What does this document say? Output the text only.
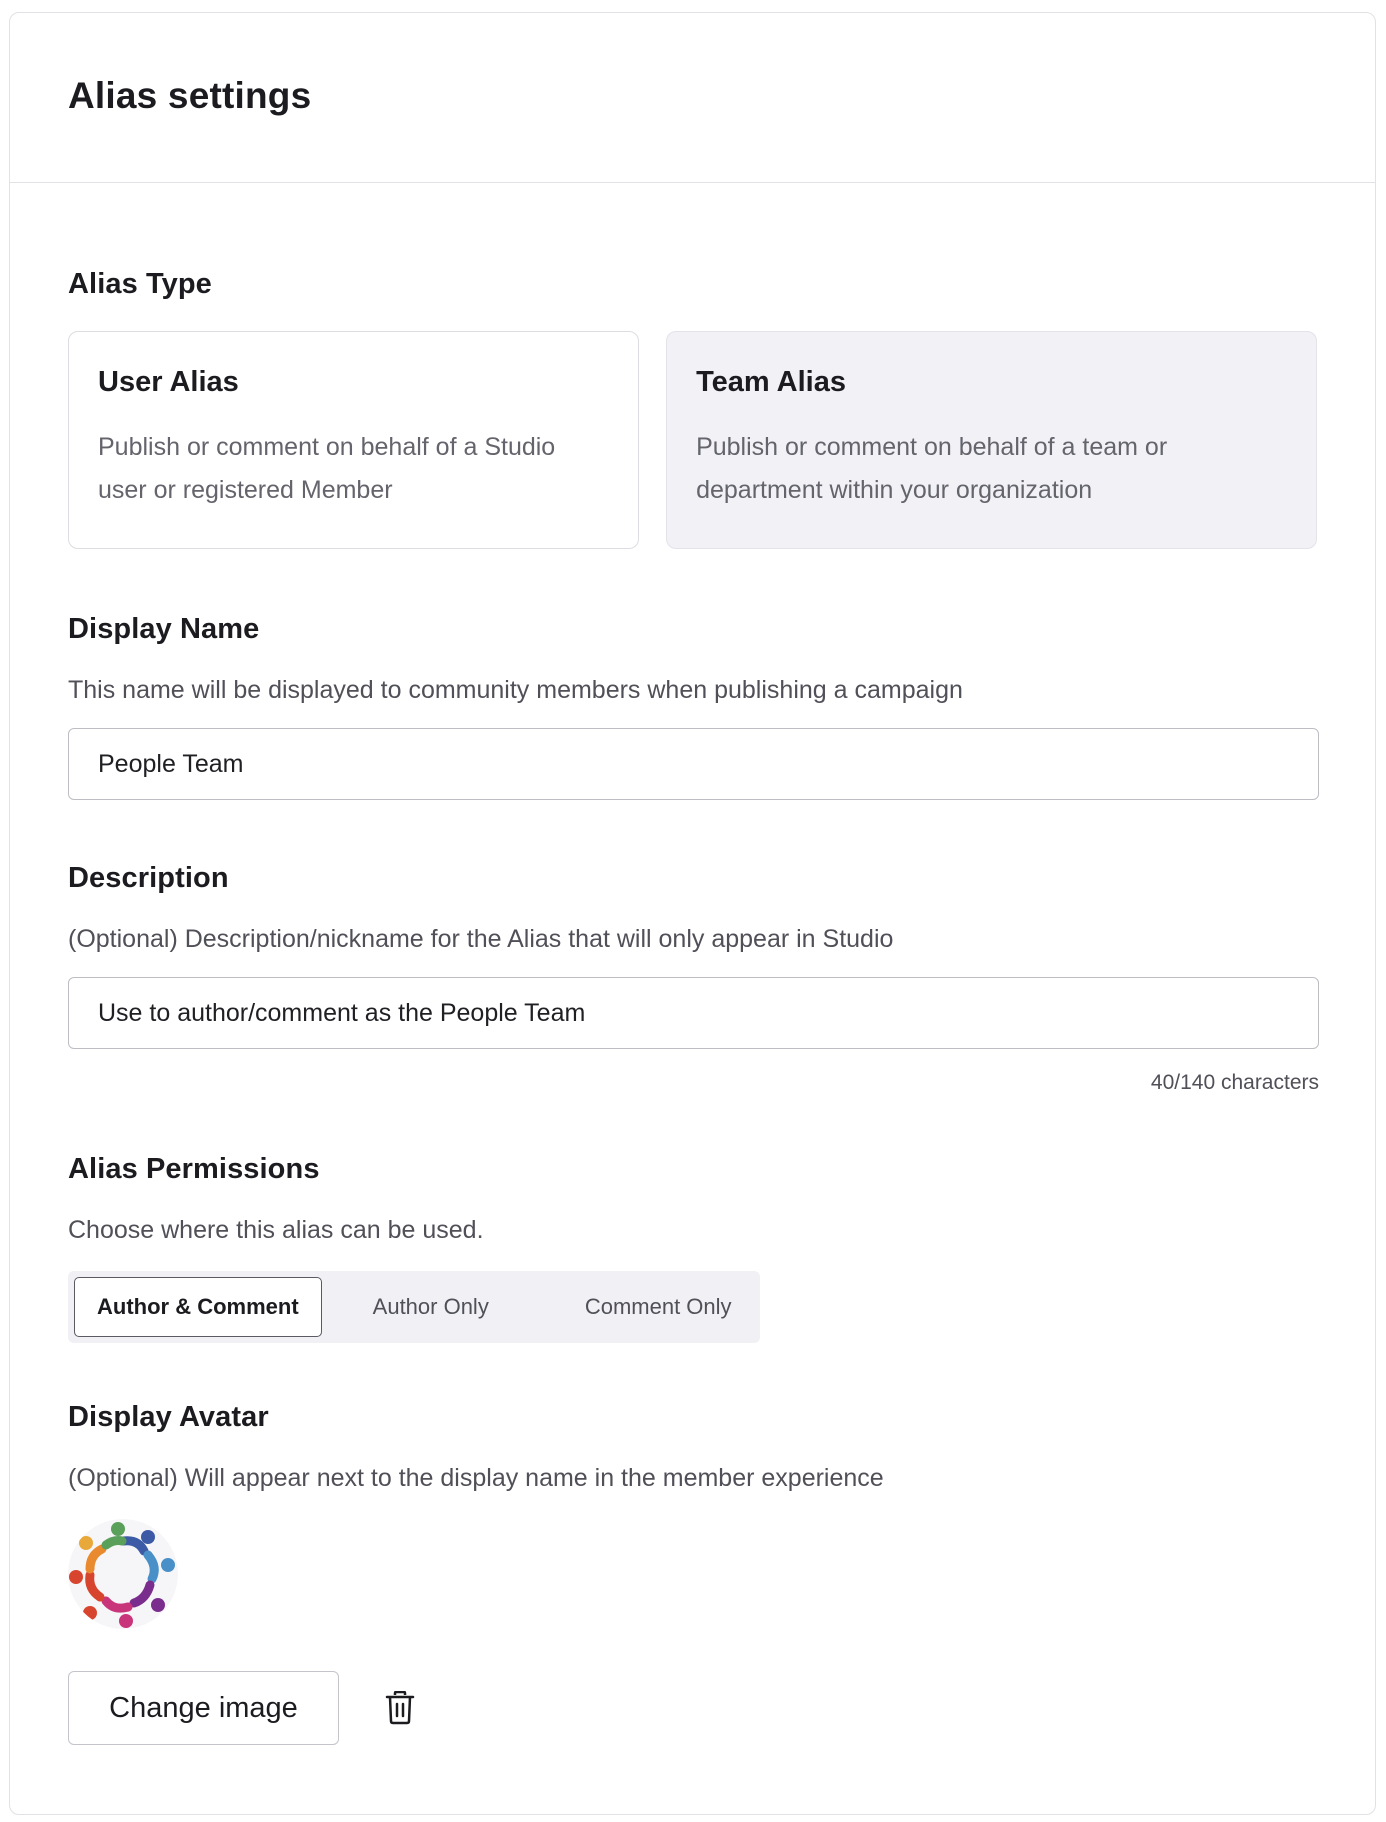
Alias settings
Alias Type
User Alias
Publish or comment on behalf of a Studio user or registered Member
Team Alias
Publish or comment on behalf of a team or department within your organization
Display Name
This name will be displayed to community members when publishing a campaign
People Team
Description
(Optional) Description/nickname for the Alias that will only appear in Studio
Use to author/comment as the People Team
40/140 characters
Alias Permissions
Choose where this alias can be used.
Author & Comment	Author Only	Comment Only
Display Avatar
(Optional) Will appear next to the display name in the member experience
Change image
